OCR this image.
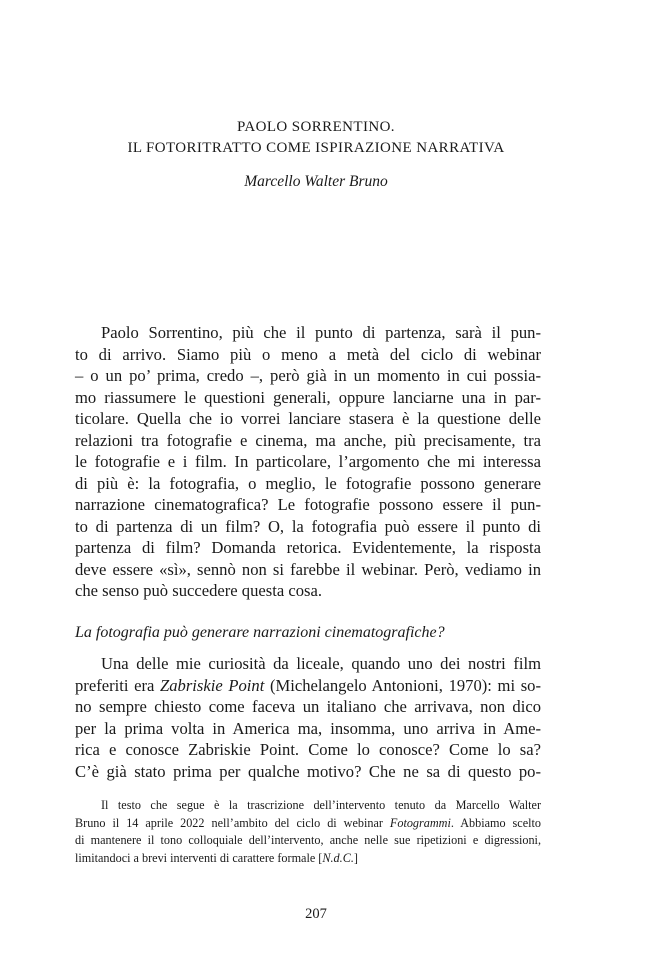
PAOLO SORRENTINO.
IL FOTORITRATTO COME ISPIRAZIONE NARRATIVA
Marcello Walter Bruno
Paolo Sorrentino, più che il punto di partenza, sarà il pun-
to di arrivo. Siamo più o meno a metà del ciclo di webinar
– o un po’ prima, credo –, però già in un momento in cui possia-
mo riassumere le questioni generali, oppure lanciarne una in par-
ticolare. Quella che io vorrei lanciare stasera è la questione delle
relazioni tra fotografie e cinema, ma anche, più precisamente, tra
le fotografie e i film. In particolare, l’argomento che mi interessa
di più è: la fotografia, o meglio, le fotografie possono generare
narrazione cinematografica? Le fotografie possono essere il pun-
to di partenza di un film? O, la fotografia può essere il punto di
partenza di film? Domanda retorica. Evidentemente, la risposta
deve essere «sì», sennò non si farebbe il webinar. Però, vediamo in
che senso può succedere questa cosa.
La fotografia può generare narrazioni cinematografiche?
Una delle mie curiosità da liceale, quando uno dei nostri film
preferiti era Zabriskie Point (Michelangelo Antonioni, 1970): mi so-
no sempre chiesto come faceva un italiano che arrivava, non dico
per la prima volta in America ma, insomma, uno arriva in Ame-
rica e conosce Zabriskie Point. Come lo conosce? Come lo sa?
C’è già stato prima per qualche motivo? Che ne sa di questo po-
Il testo che segue è la trascrizione dell’intervento tenuto da Marcello Walter
Bruno il 14 aprile 2022 nell’ambito del ciclo di webinar Fotogrammi. Abbiamo scelto
di mantenere il tono colloquiale dell’intervento, anche nelle sue ripetizioni e digressioni,
limitandoci a brevi interventi di carattere formale [N.d.C.]
207
